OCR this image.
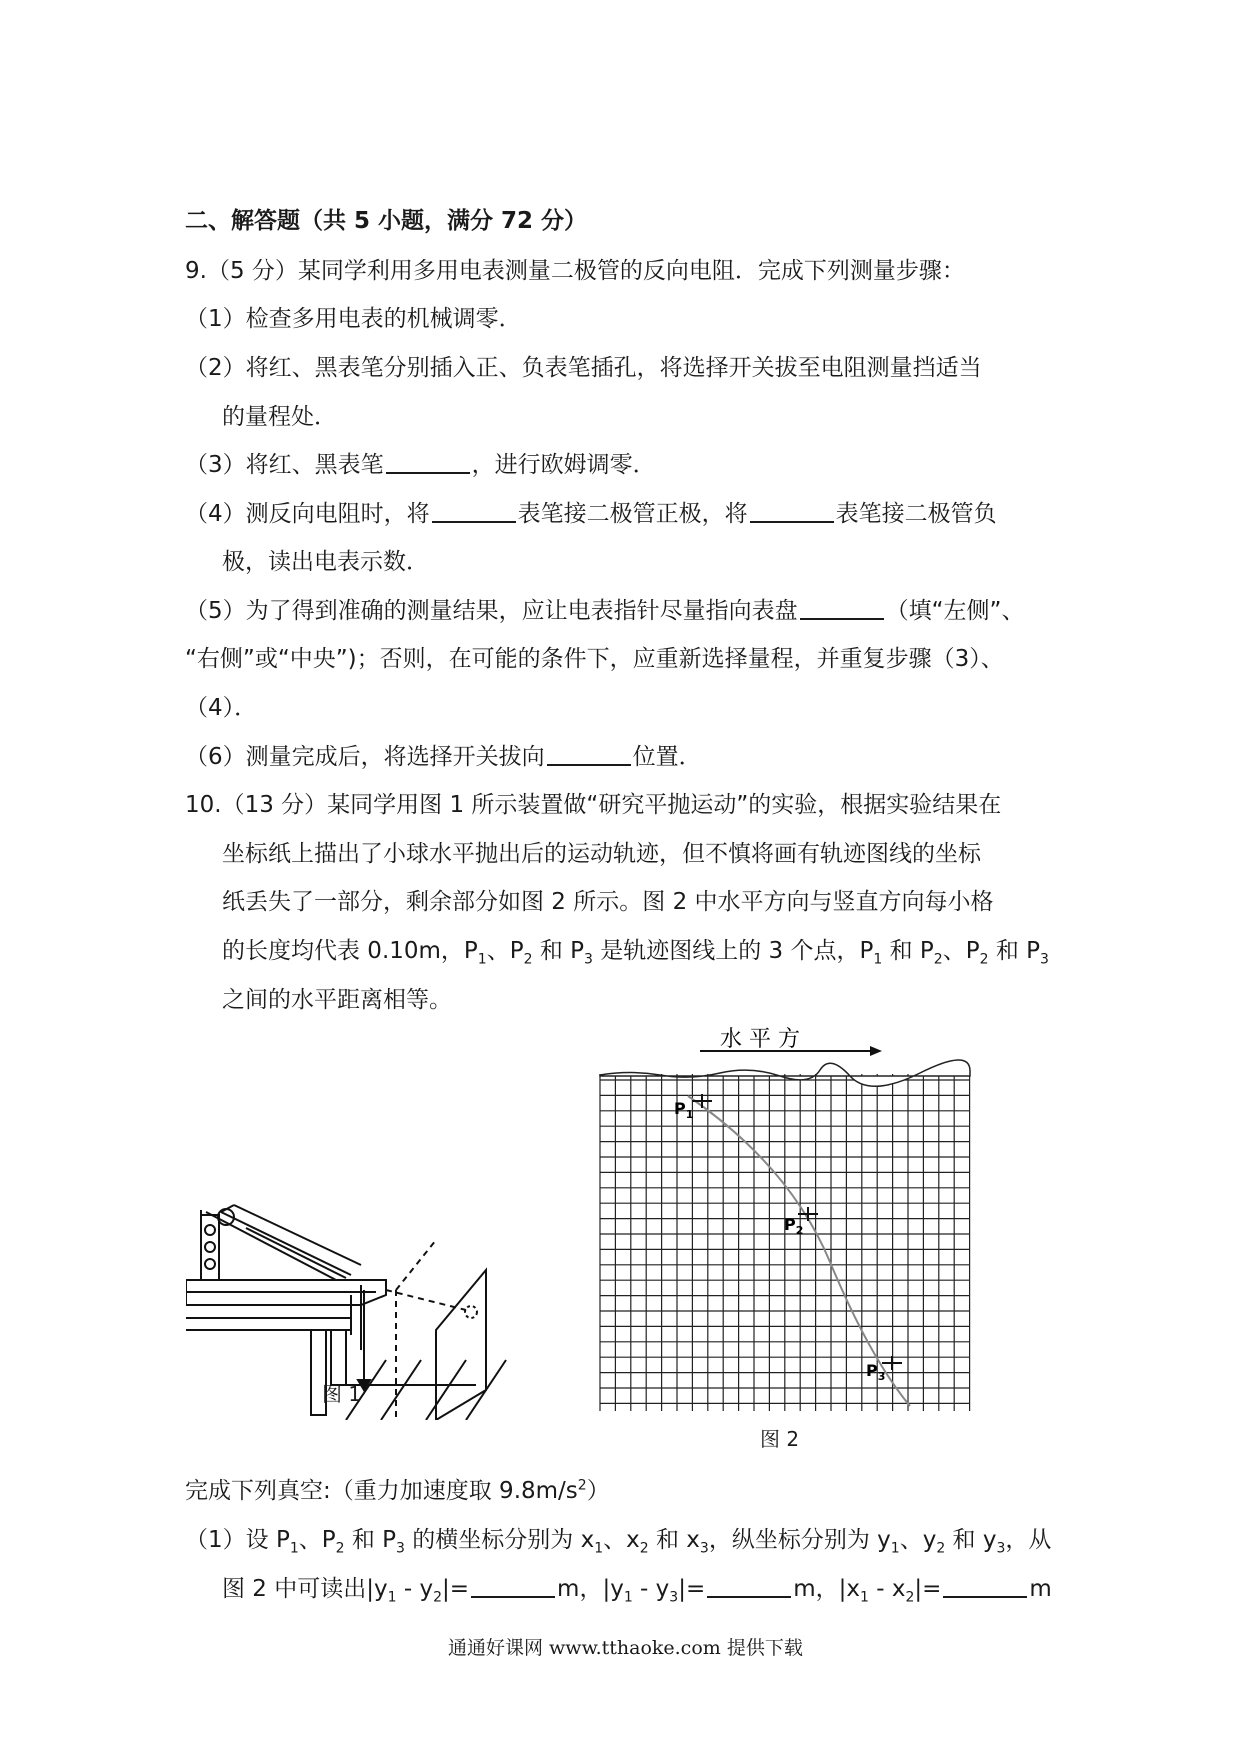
二、解答题（共 5 小题，满分 72 分）
9.（5 分）某同学利用多用电表测量二极管的反向电阻．完成下列测量步骤：
（1）检查多用电表的机械调零．
（2）将红、黑表笔分别插入正、负表笔插孔，将选择开关拔至电阻测量挡适当
的量程处．
（3）将红、黑表笔	，进行欧姆调零．
（4）测反向电阻时，将	表笔接二极管正极，将	表笔接二极管负
极，读出电表示数．
（5）为了得到准确的测量结果，应让电表指针尽量指向表盘	（填“左侧”、
“右侧”或“中央”)；否则，在可能的条件下，应重新选择量程，并重复步骤（3）、
（4）．
（6）测量完成后，将选择开关拔向	位置．
10.（13 分）某同学用图 1 所示装置做“研究平抛运动”的实验，根据实验结果在
坐标纸上描出了小球水平抛出后的运动轨迹，但不慎将画有轨迹图线的坐标
纸丢失了一部分，剩余部分如图 2 所示。图 2 中水平方向与竖直方向每小格
的长度均代表 0.10m，$P_1$、$P_2$ 和 $P_3$ 是轨迹图线上的 3 个点，$P_1$ 和 $P_2$、$P_2$ 和 $P_3$
之间的水平距离相等。
图 1
水 平 方
$P_1$
$P_2$
$P_3$
图 2
完成下列真空:（重力加速度取 $9.8m/s^2$）
（1）设 $P_1$、$P_2$ 和 $P_3$ 的横坐标分别为 $x_1$、$x_2$ 和 $x_3$，纵坐标分别为 $y_1$、$y_2$ 和 $y_3$，从
图 2 中可读出$|y_1 - y_2|=$	m，$|y_1 - y_3|=$	m，$|x_1 - x_2|=$	m
通通好课网 www.tthaoke.com 提供下载
